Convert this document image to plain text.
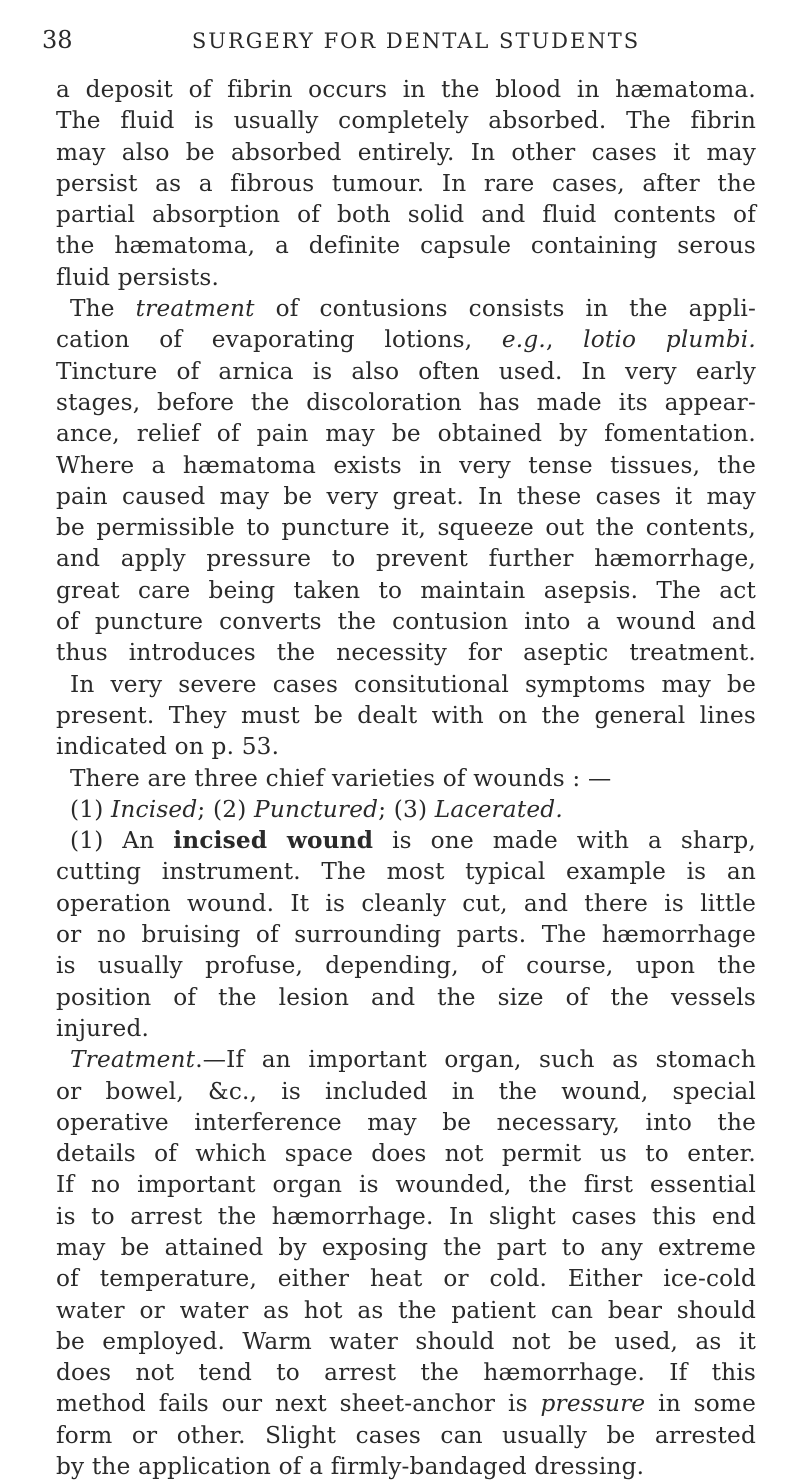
38	SURGERY FOR DENTAL STUDENTS
a deposit of fibrin occurs in the blood in hæmatoma.
The fluid is usually completely absorbed. The fibrin
may also be absorbed entirely. In other cases it may
persist as a fibrous tumour. In rare cases, after the
partial absorption of both solid and fluid contents of
the hæmatoma, a definite capsule containing serous
fluid persists.
The treatment of contusions consists in the appli-
cation of evaporating lotions, e.g., lotio plumbi.
Tincture of arnica is also often used. In very early
stages, before the discoloration has made its appear-
ance, relief of pain may be obtained by fomentation.
Where a hæmatoma exists in very tense tissues, the
pain caused may be very great. In these cases it may
be permissible to puncture it, squeeze out the contents,
and apply pressure to prevent further hæmorrhage,
great care being taken to maintain asepsis. The act
of puncture converts the contusion into a wound and
thus introduces the necessity for aseptic treatment.
In very severe cases consitutional symptoms may be
present. They must be dealt with on the general lines
indicated on p. 53.
There are three chief varieties of wounds : —
(1) Incised; (2) Punctured; (3) Lacerated.
(1) An incised wound is one made with a sharp,
cutting instrument. The most typical example is an
operation wound. It is cleanly cut, and there is little
or no bruising of surrounding parts. The hæmorrhage
is usually profuse, depending, of course, upon the
position of the lesion and the size of the vessels
injured.
Treatment.—If an important organ, such as stomach
or bowel, &c., is included in the wound, special
operative interference may be necessary, into the
details of which space does not permit us to enter.
If no important organ is wounded, the first essential
is to arrest the hæmorrhage. In slight cases this end
may be attained by exposing the part to any extreme
of temperature, either heat or cold. Either ice-cold
water or water as hot as the patient can bear should
be employed. Warm water should not be used, as it
does not tend to arrest the hæmorrhage. If this
method fails our next sheet-anchor is pressure in some
form or other. Slight cases can usually be arrested
by the application of a firmly-bandaged dressing.
